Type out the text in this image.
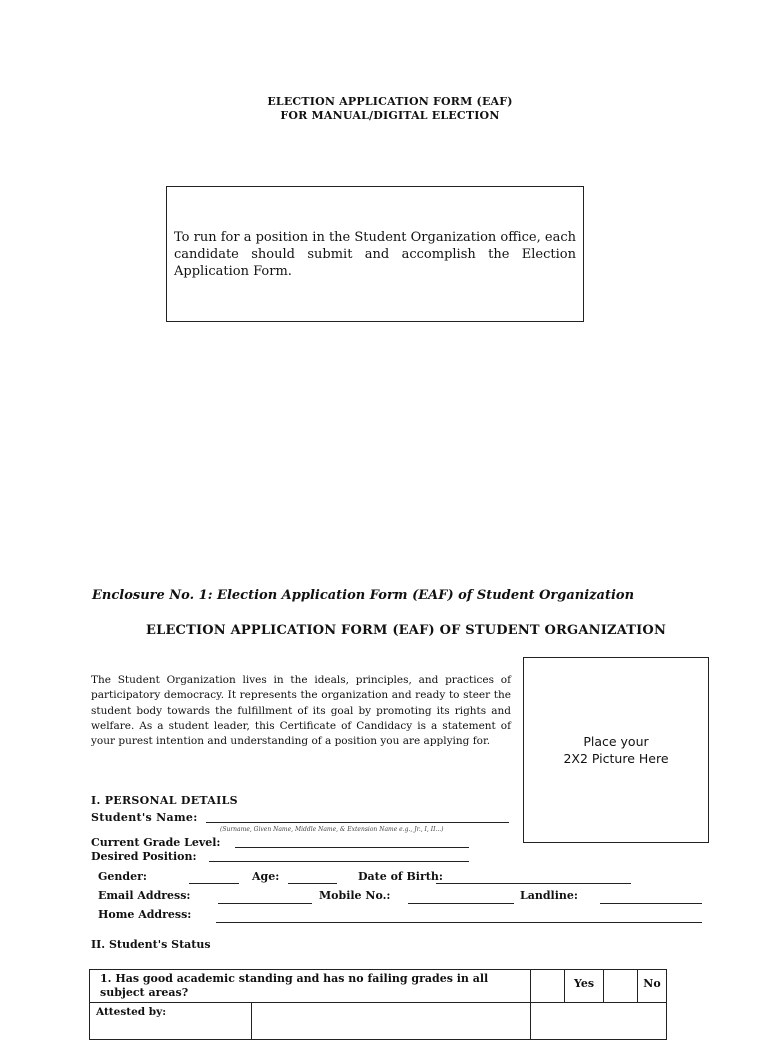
ELECTION APPLICATION FORM (EAF)
FOR MANUAL/DIGITAL ELECTION
To run for a position in the Student Organization office, each candidate should submit and accomplish the Election Application Form.
Enclosure No. 1: Election Application Form (EAF) of Student Organization
ELECTION APPLICATION FORM (EAF) OF STUDENT ORGANIZATION
The Student Organization lives in the ideals, principles, and practices of participatory democracy. It represents the organization and ready to steer the student body towards the fulfillment of its goal by promoting its rights and welfare. As a student leader, this Certificate of Candidacy is a statement of your purest intention and understanding of a position you are applying for.	Place your
2X2 Picture Here
I. PERSONAL DETAILS
Student's Name:
(Surname, Given Name, Middle Name, & Extension Name e.g., Jr., I, II...)
Current Grade Level:
Desired Position:
Gender:	Age:	Date of Birth:
Email Address:	Mobile No.:	Landline:
Home Address:
II. Student's Status
1. Has good academic standing and has no failing grades in all subject areas?			Yes		No
Attested by:					
